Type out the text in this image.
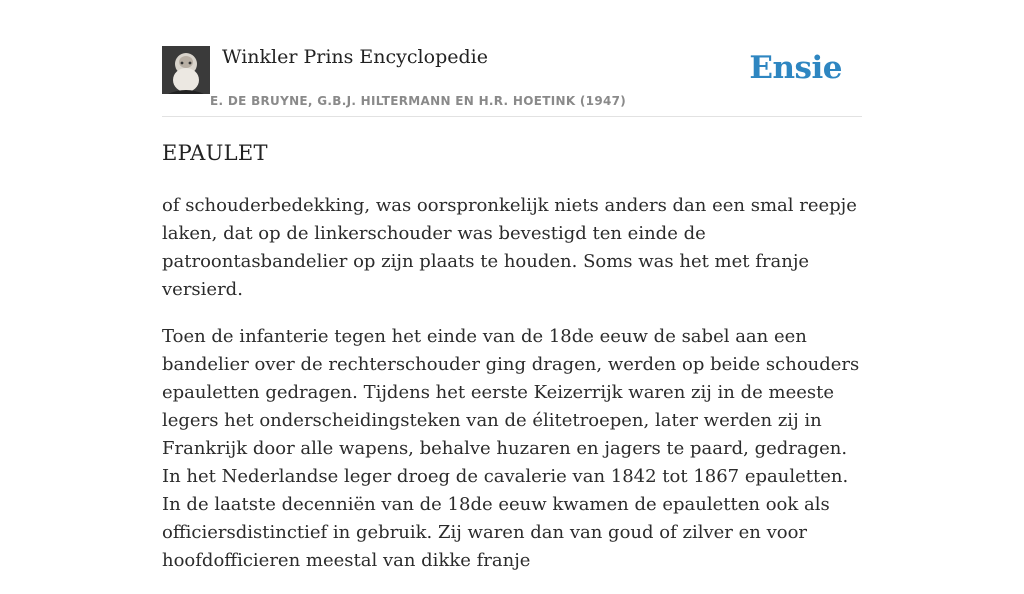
Winkler Prins Encyclopedie
E. DE BRUYNE, G.B.J. HILTERMANN EN H.R. HOETINK (1947)
Ensie
EPAULET

of schouderbedekking, was oorspronkelijk niets anders dan een smal reepje laken, dat op de linkerschouder was bevestigd ten einde de patroontasbandelier op zijn plaats te houden. Soms was het met franje versierd.

Toen de infanterie tegen het einde van de 18de eeuw de sabel aan een bandelier over de rechterschouder ging dragen, werden op beide schouders epauletten gedragen. Tijdens het eerste Keizerrijk waren zij in de meeste legers het onderscheidingsteken van de élitetroepen, later werden zij in Frankrijk door alle wapens, behalve huzaren en jagers te paard, gedragen. In het Nederlandse leger droeg de cavalerie van 1842 tot 1867 epauletten. In de laatste decenniën van de 18de eeuw kwamen de epauletten ook als officiersdistinctief in gebruik. Zij waren dan van goud of zilver en voor hoofdofficieren meestal van dikke franje
